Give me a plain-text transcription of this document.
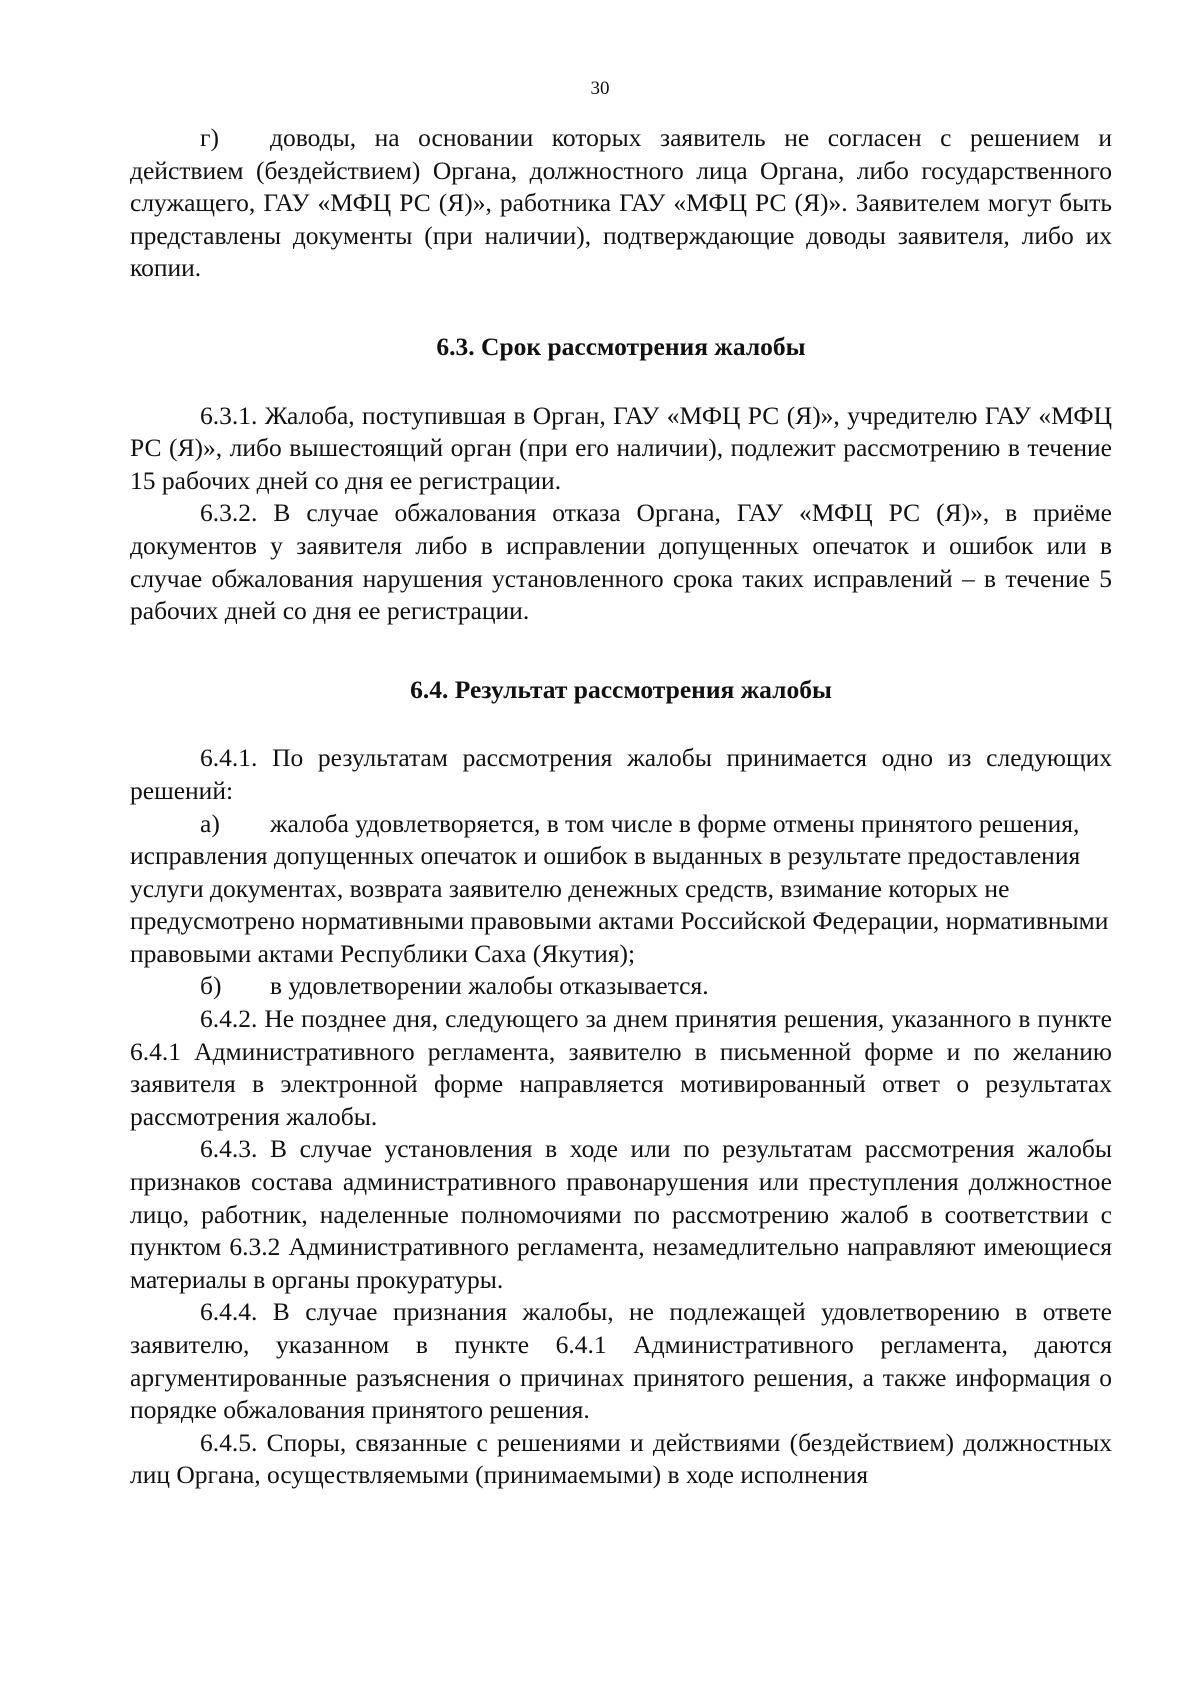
30

г) доводы, на основании которых заявитель не согласен с решением и действием (бездействием) Органа, должностного лица Органа, либо государственного служащего, ГАУ «МФЦ РС (Я)», работника ГАУ «МФЦ РС (Я)». Заявителем могут быть представлены документы (при наличии), подтверждающие доводы заявителя, либо их копии.

6.3. Срок рассмотрения жалобы

6.3.1. Жалоба, поступившая в Орган, ГАУ «МФЦ РС (Я)», учредителю ГАУ «МФЦ РС (Я)», либо вышестоящий орган (при его наличии), подлежит рассмотрению в течение 15 рабочих дней со дня ее регистрации.

6.3.2. В случае обжалования отказа Органа, ГАУ «МФЦ РС (Я)», в приёме документов у заявителя либо в исправлении допущенных опечаток и ошибок или в случае обжалования нарушения установленного срока таких исправлений – в течение 5 рабочих дней со дня ее регистрации.

6.4. Результат рассмотрения жалобы

6.4.1. По результатам рассмотрения жалобы принимается одно из следующих решений:

а) жалоба удовлетворяется, в том числе в форме отмены принятого решения, исправления допущенных опечаток и ошибок в выданных в результате предоставления услуги документах, возврата заявителю денежных средств, взимание которых не предусмотрено нормативными правовыми актами Российской Федерации, нормативными правовыми актами Республики Саха (Якутия);

б) в удовлетворении жалобы отказывается.

6.4.2. Не позднее дня, следующего за днем принятия решения, указанного в пункте 6.4.1 Административного регламента, заявителю в письменной форме и по желанию заявителя в электронной форме направляется мотивированный ответ о результатах рассмотрения жалобы.

6.4.3. В случае установления в ходе или по результатам рассмотрения жалобы признаков состава административного правонарушения или преступления должностное лицо, работник, наделенные полномочиями по рассмотрению жалоб в соответствии с пунктом 6.3.2 Административного регламента, незамедлительно направляют имеющиеся материалы в органы прокуратуры.

6.4.4. В случае признания жалобы, не подлежащей удовлетворению в ответе заявителю, указанном в пункте 6.4.1 Административного регламента, даются аргументированные разъяснения о причинах принятого решения, а также информация о порядке обжалования принятого решения.

6.4.5. Споры, связанные с решениями и действиями (бездействием) должностных лиц Органа, осуществляемыми (принимаемыми) в ходе исполнения
